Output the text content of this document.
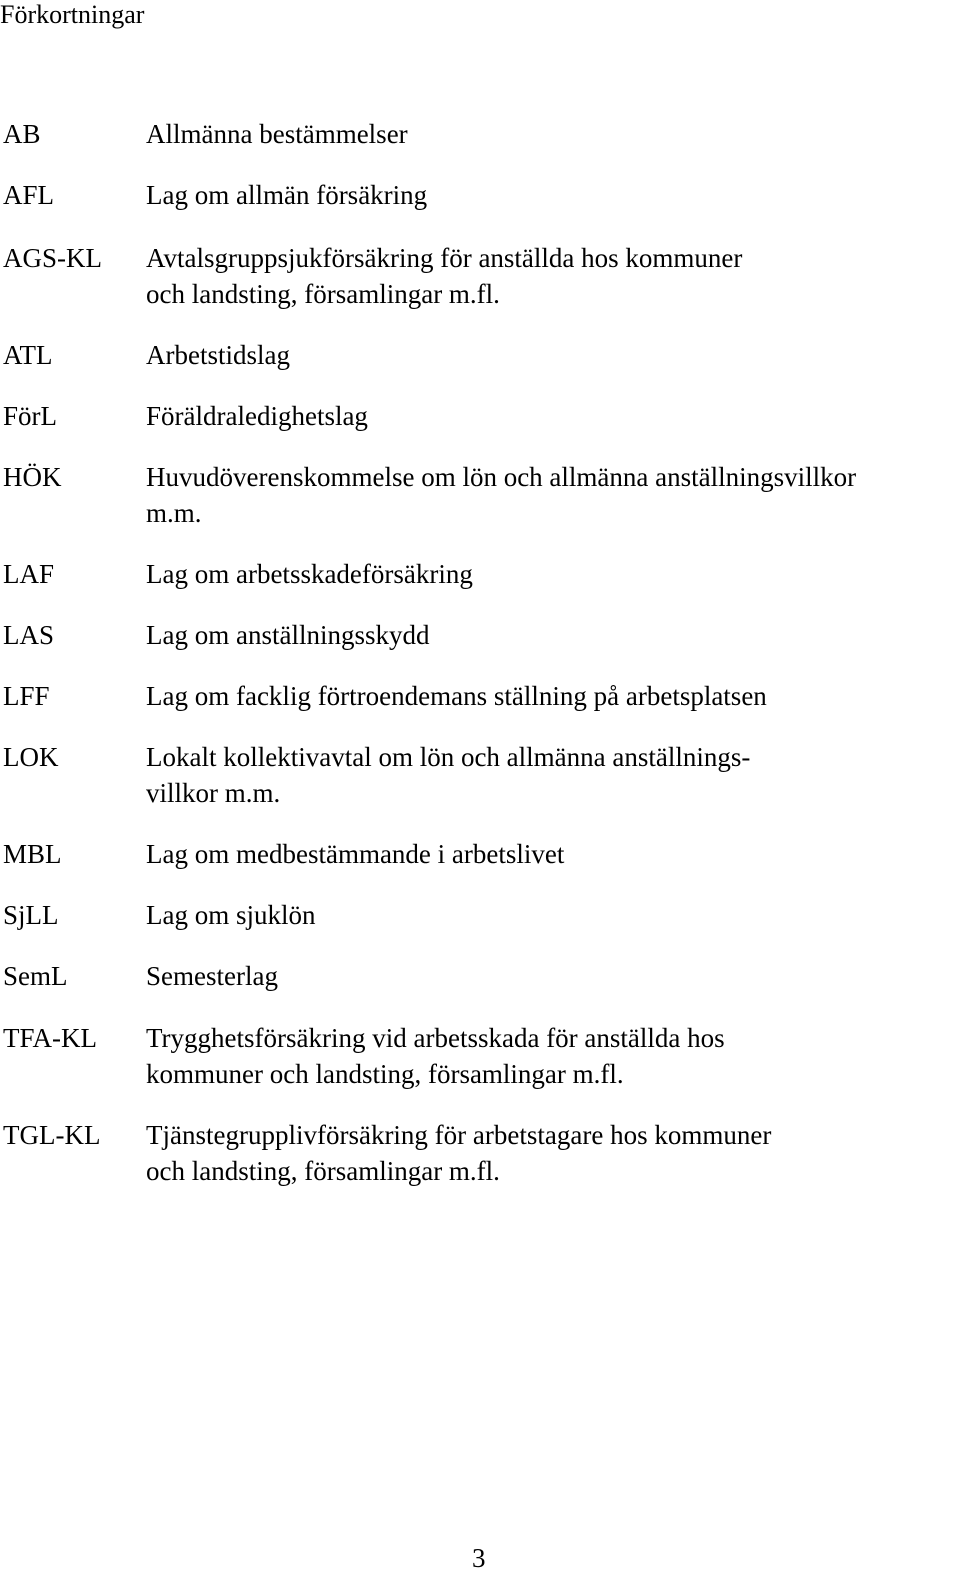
Förkortningar
AB	Allmänna bestämmelser
AFL	Lag om allmän försäkring
AGS-KL Avtalsgruppsjukförsäkring för anställda hos kommuner
och landsting, församlingar m.fl.
ATL	Arbetstidslag
FörL	Föräldraledighetslag
HÖK	Huvudöverenskommelse om lön och allmänna anställningsvillkor
m.m.
LAF	Lag om arbetsskadeförsäkring
LAS	Lag om anställningsskydd
LFF	Lag om facklig förtroendemans ställning på arbetsplatsen
LOK	Lokalt kollektivavtal om lön och allmänna anställnings-
villkor m.m.
MBL	Lag om medbestämmande i arbetslivet
SjLL	Lag om sjuklön
SemL	Semesterlag
TFA-KL Trygghetsförsäkring vid arbetsskada för anställda hos
kommuner och landsting, församlingar m.fl.
TGL-KL Tjänstegrupplivförsäkring för arbetstagare hos kommuner
och landsting, församlingar m.fl.
3
